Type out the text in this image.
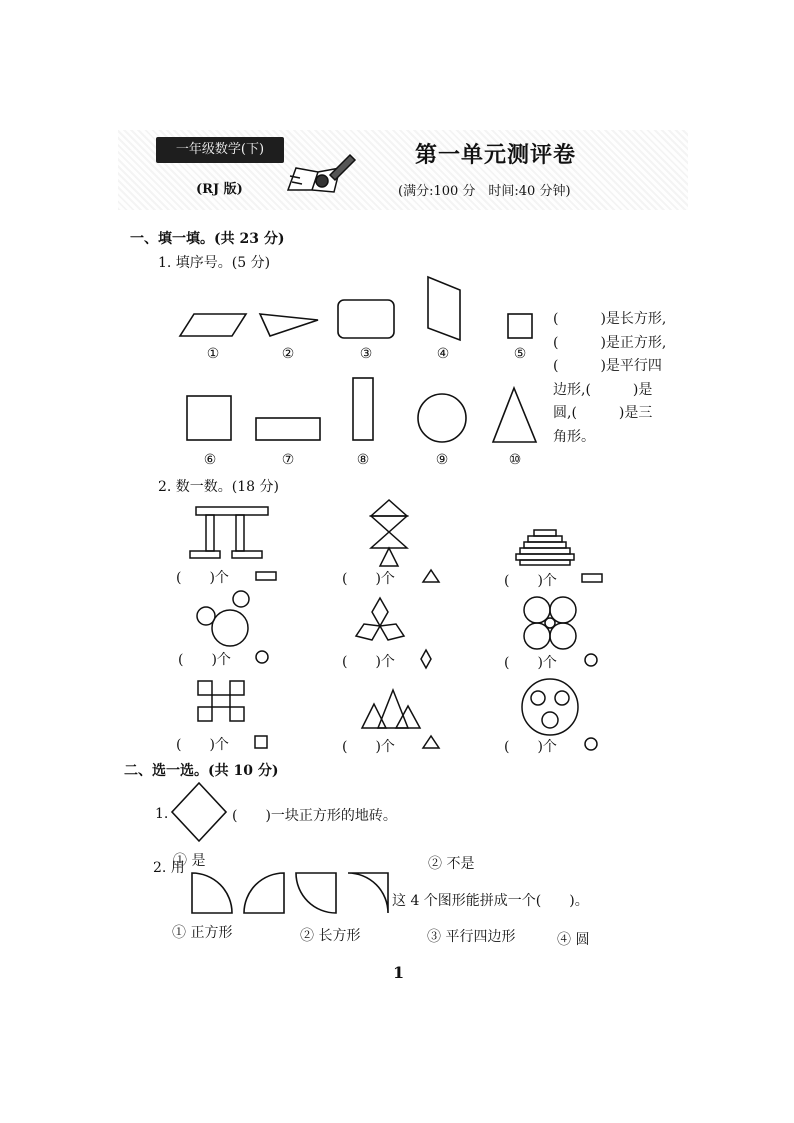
一年级数学(下)
(RJ 版)
第一单元测评卷
(满分:100 分　时间:40 分钟)
一、填一填。(共 23 分)
1. 填序号。(5 分)
①	②	③	④	⑤
⑥	⑦	⑧	⑨	⑩
(　　　)是长方形,
(　　　)是正方形,
(　　　)是平行四
边形,(　　　)是
圆,(　　　)是三
角形。
2. 数一数。(18 分)
(　　)个	(　　)个	(　　)个
(　　)个	(　　)个	(　　)个
(　　)个	(　　)个	(　　)个
二、选一选。(共 10 分)
1.	(　　)一块正方形的地砖。
① 是	② 不是
2. 用
这 4 个图形能拼成一个(　　)。
① 正方形	② 长方形	③ 平行四边形	④ 圆
1
